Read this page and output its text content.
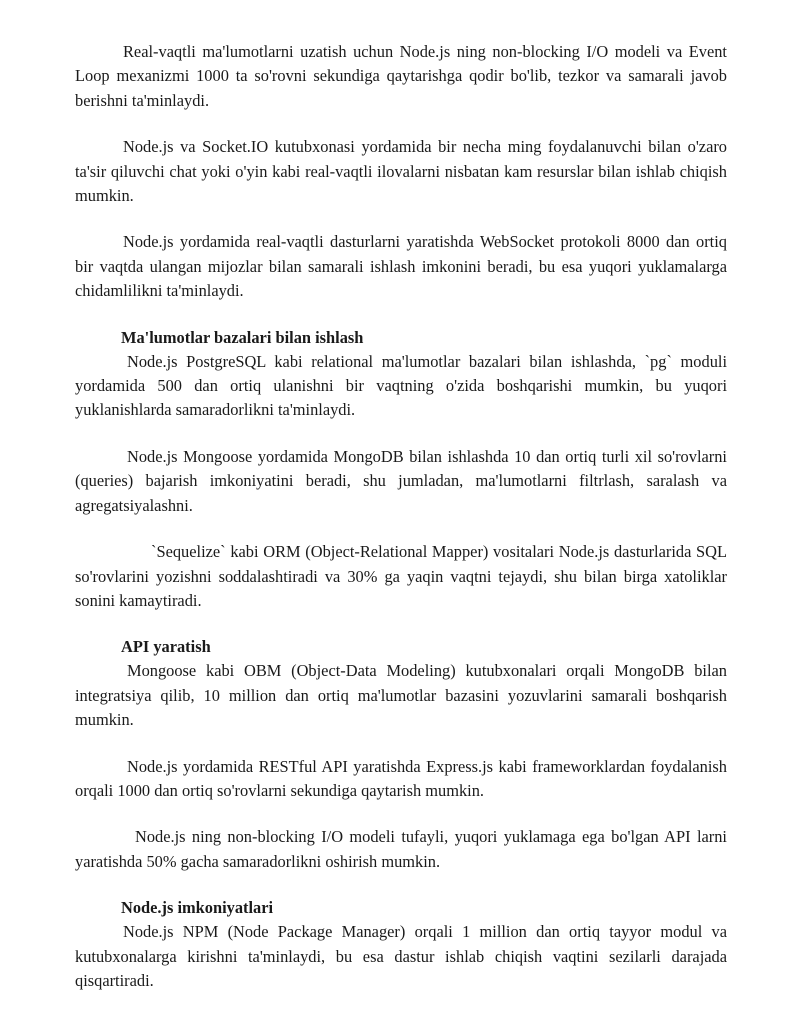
Real-vaqtli ma'lumotlarni uzatish uchun Node.js ning non-blocking I/O modeli va Event Loop mexanizmi 1000 ta so'rovni sekundiga qaytarishga qodir bo'lib, tezkor va samarali javob berishni ta'minlaydi.

Node.js va Socket.IO kutubxonasi yordamida bir necha ming foydalanuvchi bilan o'zaro ta'sir qiluvchi chat yoki o'yin kabi real-vaqtli ilovalarni nisbatan kam resurslar bilan ishlab chiqish mumkin.

Node.js yordamida real-vaqtli dasturlarni yaratishda WebSocket protokoli 8000 dan ortiq bir vaqtda ulangan mijozlar bilan samarali ishlash imkonini beradi, bu esa yuqori yuklamalarga chidamlilikni ta'minlaydi.

Ma'lumotlar bazalari bilan ishlash

Node.js PostgreSQL kabi relational ma'lumotlar bazalari bilan ishlashda, `pg` moduli yordamida 500 dan ortiq ulanishni bir vaqtning o'zida boshqarishi mumkin, bu yuqori yuklanishlarda samaradorlikni ta'minlaydi.

Node.js Mongoose yordamida MongoDB bilan ishlashda 10 dan ortiq turli xil so'rovlarni (queries) bajarish imkoniyatini beradi, shu jumladan, ma'lumotlarni filtrlash, saralash va agregatsiyalashni.

`Sequelize` kabi ORM (Object-Relational Mapper) vositalari Node.js dasturlarida SQL so'rovlarini yozishni soddalashtiradi va 30% ga yaqin vaqtni tejaydi, shu bilan birga xatoliklar sonini kamaytiradi.

API yaratish

Mongoose kabi OBM (Object-Data Modeling) kutubxonalari orqali MongoDB bilan integratsiya qilib, 10 million dan ortiq ma'lumotlar bazasini yozuvlarini samarali boshqarish mumkin.

Node.js yordamida RESTful API yaratishda Express.js kabi frameworklardan foydalanish orqali 1000 dan ortiq so'rovlarni sekundiga qaytarish mumkin.

Node.js ning non-blocking I/O modeli tufayli, yuqori yuklamaga ega bo'lgan API larni yaratishda 50% gacha samaradorlikni oshirish mumkin.

Node.js imkoniyatlari

Node.js NPM (Node Package Manager) orqali 1 million dan ortiq tayyor modul va kutubxonalarga kirishni ta'minlaydi, bu esa dastur ishlab chiqish vaqtini sezilarli darajada qisqartiradi.
